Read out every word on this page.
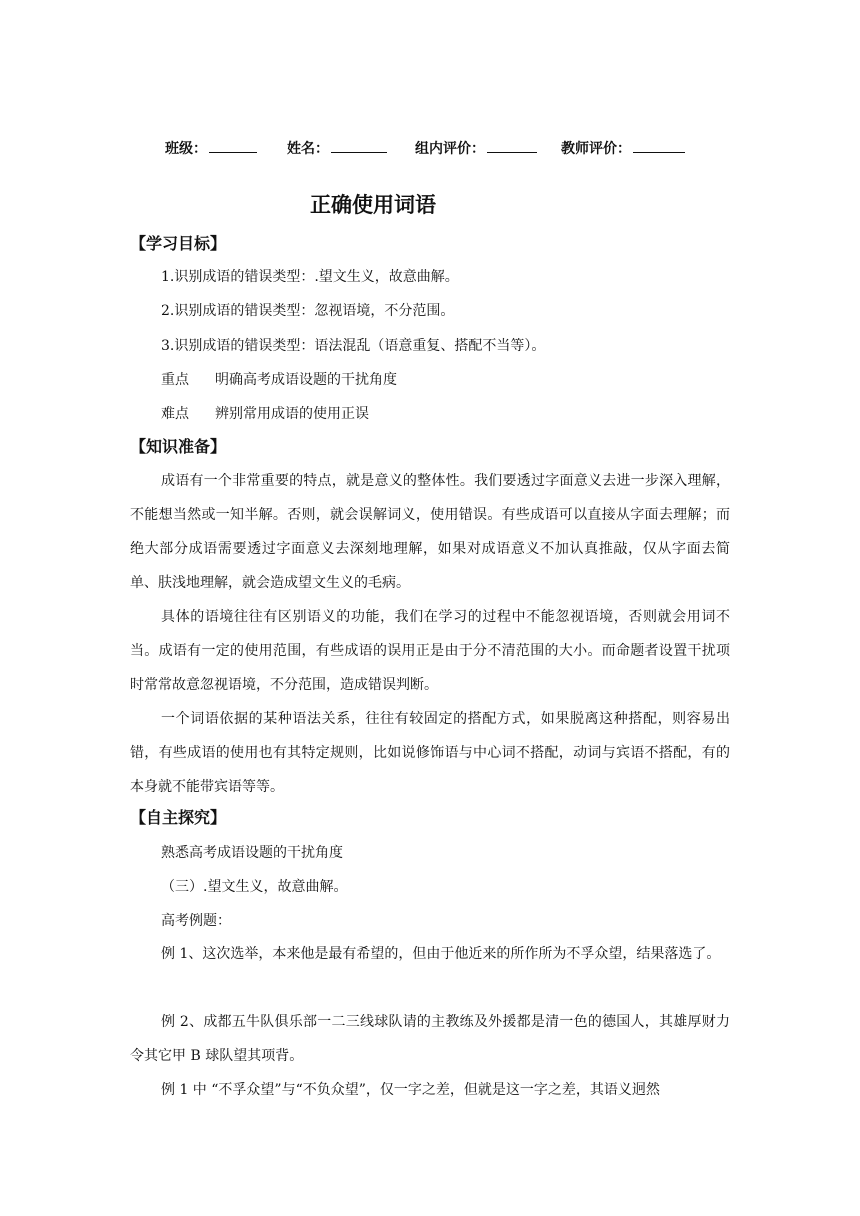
班级：	姓名：	组内评价：	教师评价：
正确使用词语
【学习目标】
1.识别成语的错误类型：.望文生义，故意曲解。
2.识别成语的错误类型：忽视语境，不分范围。
3.识别成语的错误类型：语法混乱（语意重复、搭配不当等）。
重点 明确高考成语设题的干扰角度
难点 辨别常用成语的使用正误
【知识准备】
成语有一个非常重要的特点，就是意义的整体性。我们要透过字面意义去进一步深入理解，不能想当然或一知半解。否则，就会误解词义，使用错误。有些成语可以直接从字面去理解；而绝大部分成语需要透过字面意义去深刻地理解，如果对成语意义不加认真推敲，仅从字面去简单、肤浅地理解，就会造成望文生义的毛病。
具体的语境往往有区别语义的功能，我们在学习的过程中不能忽视语境，否则就会用词不当。成语有一定的使用范围，有些成语的误用正是由于分不清范围的大小。而命题者设置干扰项时常常故意忽视语境，不分范围，造成错误判断。
一个词语依据的某种语法关系，往往有较固定的搭配方式，如果脱离这种搭配，则容易出错，有些成语的使用也有其特定规则，比如说修饰语与中心词不搭配，动词与宾语不搭配，有的本身就不能带宾语等等。
【自主探究】
熟悉高考成语设题的干扰角度
（三）.望文生义，故意曲解。
高考例题：
例 1、这次选举，本来他是最有希望的，但由于他近来的所作所为不孚众望，结果落选了。
例 2、成都五牛队俱乐部一二三线球队请的主教练及外援都是清一色的德国人，其雄厚财力令其它甲 B 球队望其项背。
例 1 中 “不孚众望”与“不负众望”，仅一字之差，但就是这一字之差，其语义迥然
